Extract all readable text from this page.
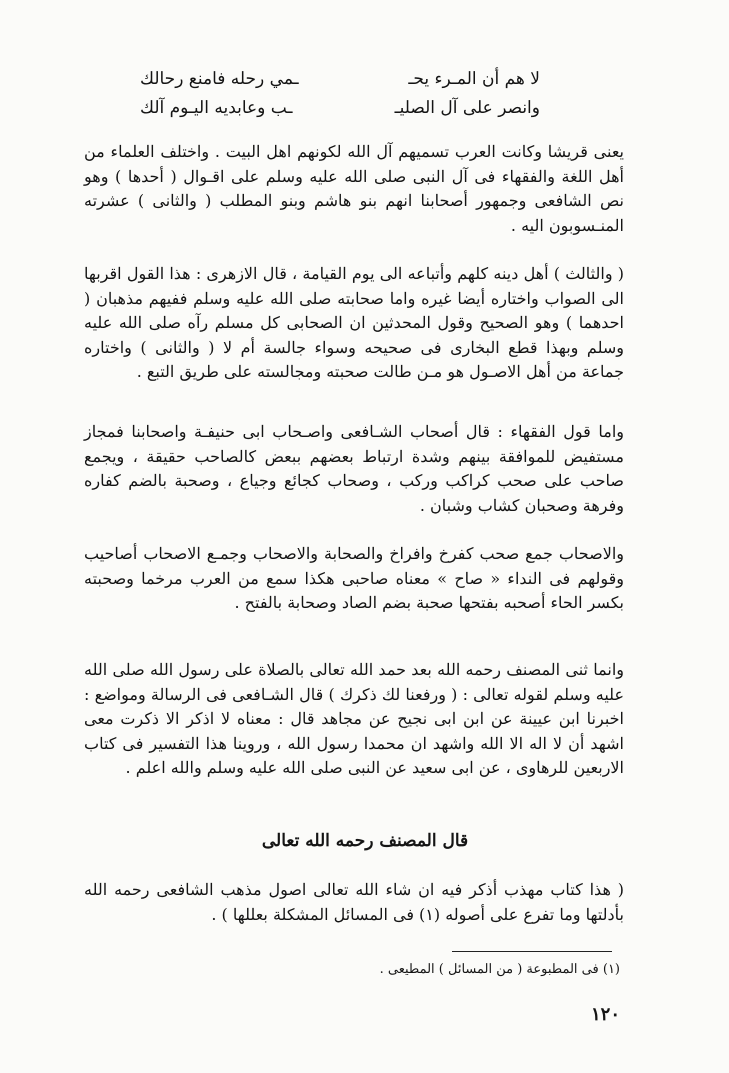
لا هم أن المـرء يحـ
ـمي رحله فامنع رحالك
وانصر على آل الصليـ
ـب وعابديه اليـوم آلك

يعنى قريشا وكانت العرب تسميهم آل الله لكونهم اهل البيت . واختلف العلماء من أهل اللغة والفقهاء فى آل النبى صلى الله عليه وسلم على اقـوال ( أحدها ) وهو نص الشافعى وجمهور أصحابنا انهم بنو هاشم وبنو المطلب ( والثانى ) عشرته المنـسوبون اليه .

( والثالث ) أهل دينه كلهم وأتباعه الى يوم القيامة ، قال الازهرى : هذا القول اقربها الى الصواب واختاره أيضا غيره واما صحابته صلى الله عليه وسلم ففيهم مذهبان ( احدهما ) وهو الصحيح وقول المحدثين ان الصحابى كل مسلم رآه صلى الله عليه وسلم وبهذا قطع البخارى فى صحيحه وسواء جالسة أم لا ( والثانى ) واختاره جماعة من أهل الاصـول هو مـن طالت صحبته ومجالسته على طريق التبع .

واما قول الفقهاء : قال أصحاب الشـافعى واصـحاب ابى حنيفـة واصحابنا فمجاز مستفيض للموافقة بينهم وشدة ارتباط بعضهم ببعض كالصاحب حقيقة ، ويجمع صاحب على صحب كراكب وركب ، وصحاب كجائع وجياع ، وصحبة بالضم كفاره وفرهة وصحبان كشاب وشبان .

والاصحاب جمع صحب كفرخ وافراخ والصحابة والاصحاب وجمـع الاصحاب أصاحيب وقولهم فى النداء « صاح » معناه صاحبى هكذا سمع من العرب مرخما وصحبته بكسر الحاء أصحبه بفتحها صحبة بضم الصاد وصحابة بالفتح .

وانما ثنى المصنف رحمه الله بعد حمد الله تعالى بالصلاة على رسول الله صلى الله عليه وسلم لقوله تعالى : ( ورفعنا لك ذكرك ) قال الشـافعى فى الرسالة ومواضع : اخبرنا ابن عيينة عن ابن ابى نجيح عن مجاهد قال : معناه لا اذكر الا ذكرت معى اشهد أن لا اله الا الله واشهد ان محمدا رسول الله ، وروينا هذا التفسير فى كتاب الاربعين للرهاوى ، عن ابى سعيد عن النبى صلى الله عليه وسلم والله اعلم .

قال المصنف رحمه الله تعالى

( هذا كتاب مهذب أذكر فيه ان شاء الله تعالى اصول مذهب الشافعى رحمه الله بأدلتها وما تفرع على أصوله (١) فى المسائل المشكلة بعللها ) .

(١) فى المطبوعة ( من المسائل ) المطيعى .
١٢٠
